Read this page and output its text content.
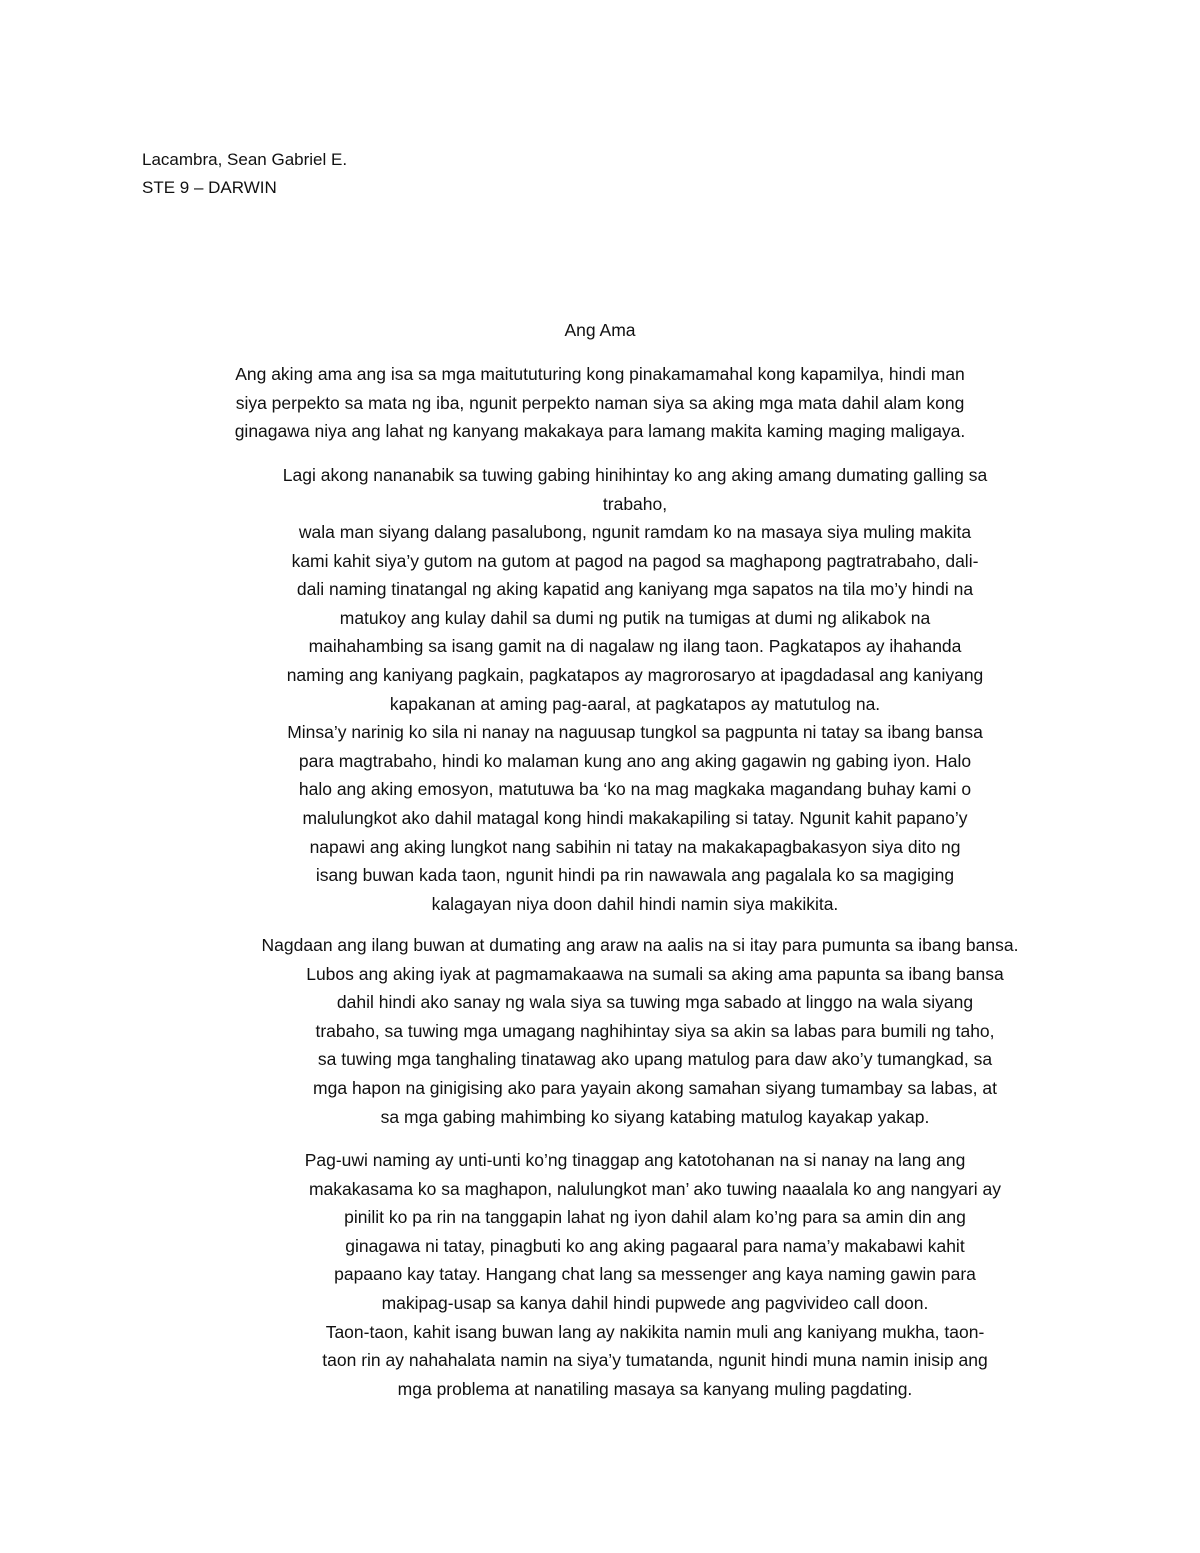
Lacambra, Sean Gabriel E.
STE 9 – DARWIN
Ang Ama
Ang aking ama ang isa sa mga maitututuring kong pinakamamahal kong kapamilya, hindi man
siya perpekto sa mata ng iba, ngunit perpekto naman siya sa aking mga mata dahil alam kong
ginagawa niya ang lahat ng kanyang makakaya para lamang makita kaming maging maligaya.
Lagi akong nananabik sa tuwing gabing hinihintay ko ang aking amang dumating galling sa
trabaho,
wala man siyang dalang pasalubong, ngunit ramdam ko na masaya siya muling makita
kami kahit siya’y gutom na gutom at pagod na pagod sa maghapong pagtratrabaho, dali-
dali naming tinatangal ng aking kapatid ang kaniyang mga sapatos na tila mo’y hindi na
matukoy ang kulay dahil sa dumi ng putik na tumigas at dumi ng alikabok na
maihahambing sa isang gamit na di nagalaw ng ilang taon. Pagkatapos ay ihahanda
naming ang kaniyang pagkain, pagkatapos ay magrorosaryo at ipagdadasal ang kaniyang
kapakanan at aming pag-aaral, at pagkatapos ay matutulog na.
Minsa’y narinig ko sila ni nanay na naguusap tungkol sa pagpunta ni tatay sa ibang bansa
para magtrabaho, hindi ko malaman kung ano ang aking gagawin ng gabing iyon. Halo
halo ang aking emosyon, matutuwa ba ‘ko na mag magkaka magandang buhay kami o
malulungkot ako dahil matagal kong hindi makakapiling si tatay. Ngunit kahit papano’y
napawi ang aking lungkot nang sabihin ni tatay na makakapagbakasyon siya dito ng
isang buwan kada taon, ngunit hindi pa rin nawawala ang pagalala ko sa magiging
kalagayan niya doon dahil hindi namin siya makikita.
Nagdaan ang ilang buwan at dumating ang araw na aalis na si itay para pumunta sa ibang bansa.
Lubos ang aking iyak at pagmamakaawa na sumali sa aking ama papunta sa ibang bansa
dahil hindi ako sanay ng wala siya sa tuwing mga sabado at linggo na wala siyang
trabaho, sa tuwing mga umagang naghihintay siya sa akin sa labas para bumili ng taho,
sa tuwing mga tanghaling tinatawag ako upang matulog para daw ako’y tumangkad, sa
mga hapon na ginigising ako para yayain akong samahan siyang tumambay sa labas, at
sa mga gabing mahimbing ko siyang katabing matulog kayakap yakap.
Pag-uwi naming ay unti-unti ko’ng tinaggap ang katotohanan na si nanay na lang ang
makakasama ko sa maghapon, nalulungkot man’ ako tuwing naaalala ko ang nangyari ay
pinilit ko pa rin na tanggapin lahat ng iyon dahil alam ko’ng para sa amin din ang
ginagawa ni tatay, pinagbuti ko ang aking pagaaral para nama’y makabawi kahit
papaano kay tatay. Hangang chat lang sa messenger ang kaya naming gawin para
makipag-usap sa kanya dahil hindi pupwede ang pagvivideo call doon.
Taon-taon, kahit isang buwan lang ay nakikita namin muli ang kaniyang mukha, taon-
taon rin ay nahahalata namin na siya’y tumatanda, ngunit hindi muna namin inisip ang
mga problema at nanatiling masaya sa kanyang muling pagdating.
